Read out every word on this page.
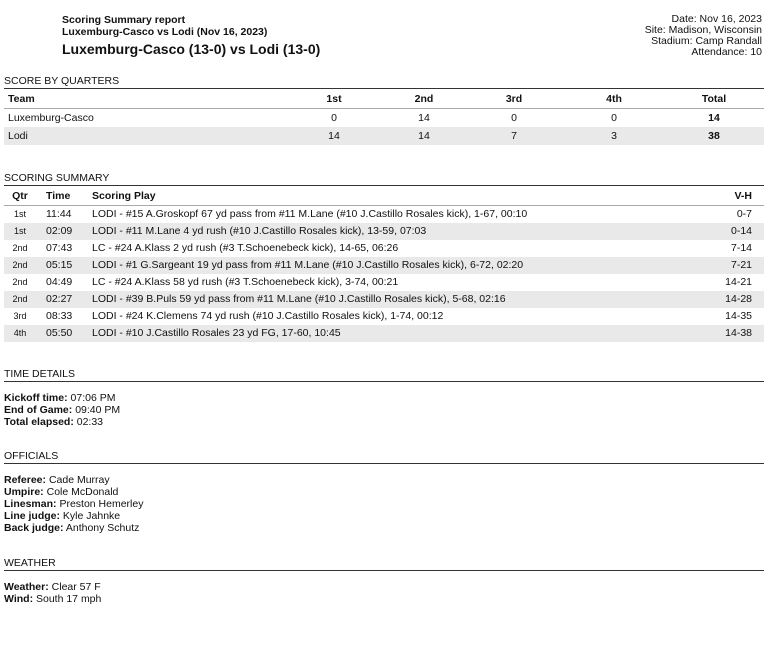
Scoring Summary report
Luxemburg-Casco vs Lodi (Nov 16, 2023)
Luxemburg-Casco (13-0) vs Lodi (13-0)
Date: Nov 16, 2023
Site: Madison, Wisconsin
Stadium: Camp Randall
Attendance: 10
SCORE BY QUARTERS
Team	1st	2nd	3rd	4th	Total
Luxemburg-Casco	0	14	0	0	14
Lodi	14	14	7	3	38
SCORING SUMMARY
Qtr	Time	Scoring Play	V-H
1st	11:44	LODI - #15 A.Groskopf 67 yd pass from #11 M.Lane (#10 J.Castillo Rosales kick), 1-67, 00:10	0-7
1st	02:09	LODI - #11 M.Lane 4 yd rush (#10 J.Castillo Rosales kick), 13-59, 07:03	0-14
2nd	07:43	LC - #24 A.Klass 2 yd rush (#3 T.Schoenebeck kick), 14-65, 06:26	7-14
2nd	05:15	LODI - #1 G.Sargeant 19 yd pass from #11 M.Lane (#10 J.Castillo Rosales kick), 6-72, 02:20	7-21
2nd	04:49	LC - #24 A.Klass 58 yd rush (#3 T.Schoenebeck kick), 3-74, 00:21	14-21
2nd	02:27	LODI - #39 B.Puls 59 yd pass from #11 M.Lane (#10 J.Castillo Rosales kick), 5-68, 02:16	14-28
3rd	08:33	LODI - #24 K.Clemens 74 yd rush (#10 J.Castillo Rosales kick), 1-74, 00:12	14-35
4th	05:50	LODI - #10 J.Castillo Rosales 23 yd FG, 17-60, 10:45	14-38
TIME DETAILS
Kickoff time: 07:06 PM
End of Game: 09:40 PM
Total elapsed: 02:33
OFFICIALS
Referee: Cade Murray
Umpire: Cole McDonald
Linesman: Preston Hemerley
Line judge: Kyle Jahnke
Back judge: Anthony Schutz
WEATHER
Weather: Clear 57 F
Wind: South 17 mph
